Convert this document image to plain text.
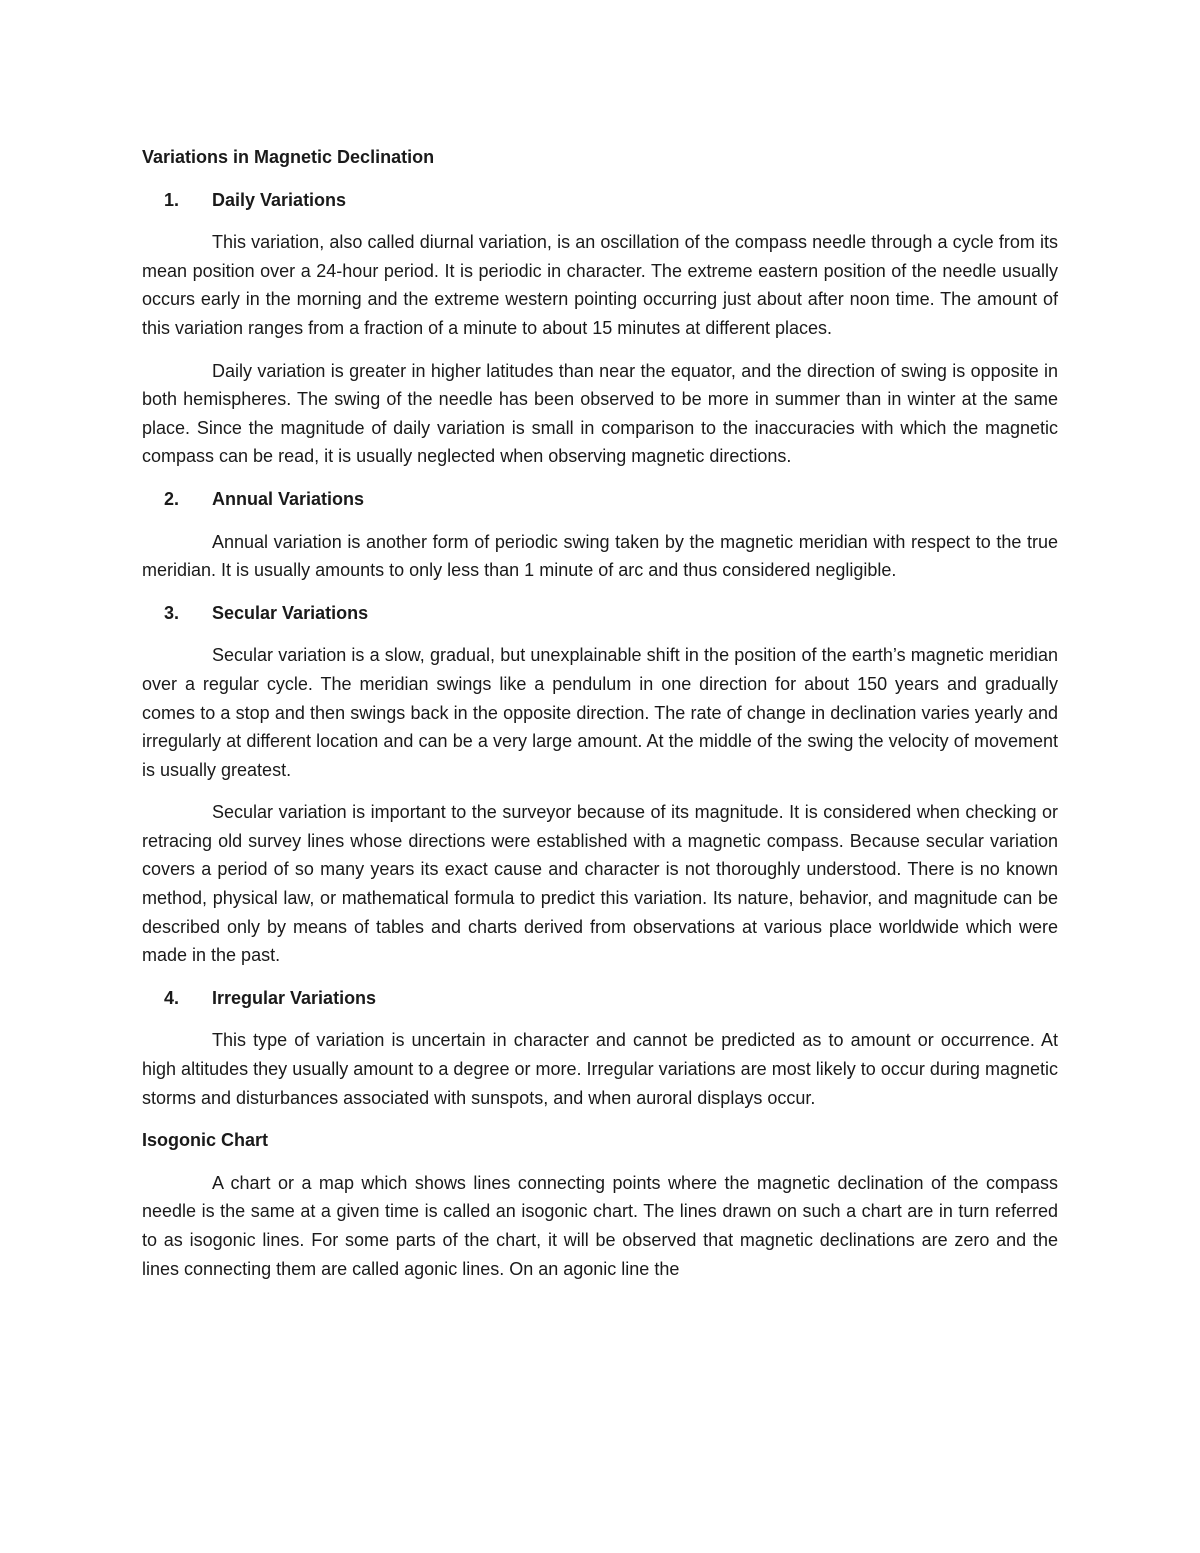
Variations in Magnetic Declination
1.	Daily Variations

This variation, also called diurnal variation, is an oscillation of the compass needle through a cycle from its mean position over a 24-hour period. It is periodic in character. The extreme eastern position of the needle usually occurs early in the morning and the extreme western pointing occurring just about after noon time. The amount of this variation ranges from a fraction of a minute to about 15 minutes at different places.

Daily variation is greater in higher latitudes than near the equator, and the direction of swing is opposite in both hemispheres. The swing of the needle has been observed to be more in summer than in winter at the same place. Since the magnitude of daily variation is small in comparison to the inaccuracies with which the magnetic compass can be read, it is usually neglected when observing magnetic directions.

2.	Annual Variations

Annual variation is another form of periodic swing taken by the magnetic meridian with respect to the true meridian. It is usually amounts to only less than 1 minute of arc and thus considered negligible.

3.	Secular Variations

Secular variation is a slow, gradual, but unexplainable shift in the position of the earth’s magnetic meridian over a regular cycle. The meridian swings like a pendulum in one direction for about 150 years and gradually comes to a stop and then swings back in the opposite direction. The rate of change in declination varies yearly and irregularly at different location and can be a very large amount. At the middle of the swing the velocity of movement is usually greatest.

Secular variation is important to the surveyor because of its magnitude. It is considered when checking or retracing old survey lines whose directions were established with a magnetic compass. Because secular variation covers a period of so many years its exact cause and character is not thoroughly understood. There is no known method, physical law, or mathematical formula to predict this variation. Its nature, behavior, and magnitude can be described only by means of tables and charts derived from observations at various place worldwide which were made in the past.

4.	Irregular Variations

This type of variation is uncertain in character and cannot be predicted as to amount or occurrence. At high altitudes they usually amount to a degree or more. Irregular variations are most likely to occur during magnetic storms and disturbances associated with sunspots, and when auroral displays occur.

Isogonic Chart

A chart or a map which shows lines connecting points where the magnetic declination of the compass needle is the same at a given time is called an isogonic chart. The lines drawn on such a chart are in turn referred to as isogonic lines. For some parts of the chart, it will be observed that magnetic declinations are zero and the lines connecting them are called agonic lines. On an agonic line the
